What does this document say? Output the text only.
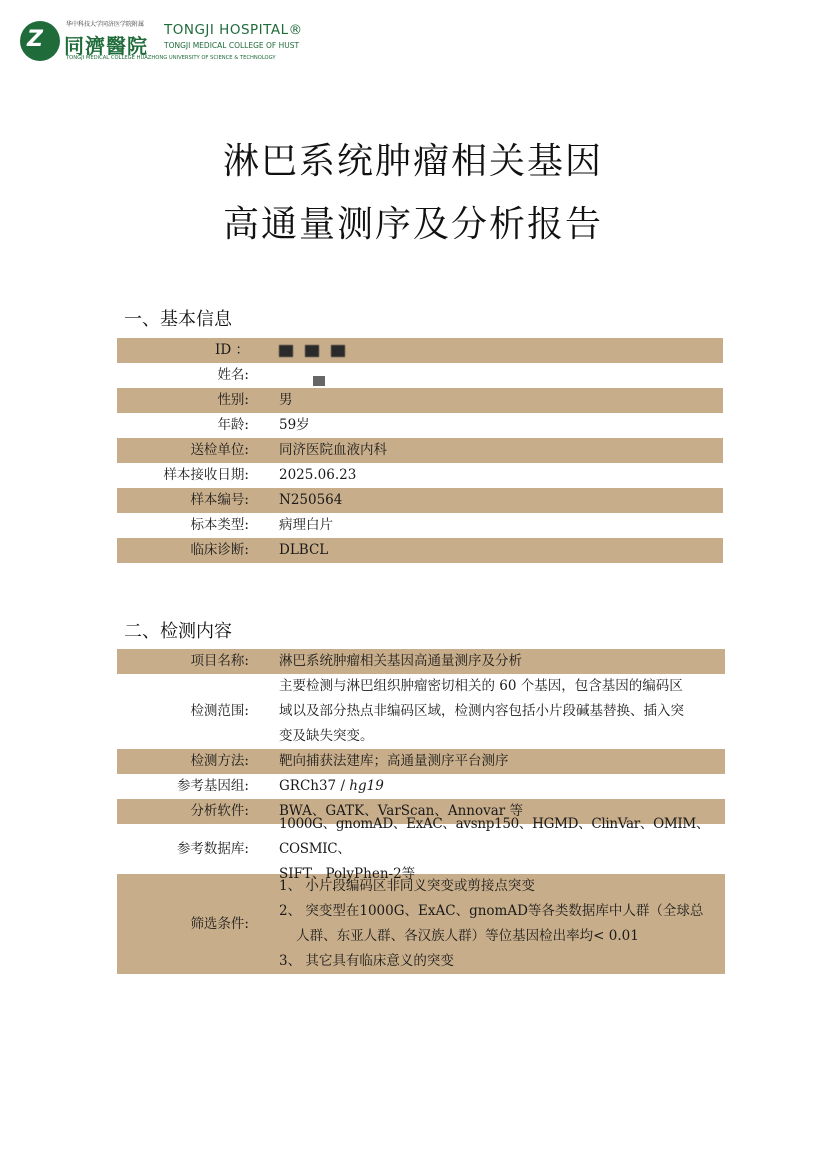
Z
华中科技大学同济医学院附属
同濟醫院
TONGJI HOSPITAL®
TONGJI MEDICAL COLLEGE OF HUST
TONGJI MEDICAL COLLEGE HUAZHONG UNIVERSITY OF SCIENCE & TECHNOLOGY
淋巴系统肿瘤相关基因
高通量测序及分析报告
一、基本信息
ID ：
姓名:
性别:	男
年龄:	59岁
送检单位:	同济医院血液内科
样本接收日期:	2025.06.23
样本编号:	N250564
标本类型:	病理白片
临床诊断:	DLBCL
二、检测内容
项目名称:	淋巴系统肿瘤相关基因高通量测序及分析
检测范围:
主要检测与淋巴组织肿瘤密切相关的 60 个基因，包含基因的编码区
域以及部分热点非编码区域，检测内容包括小片段碱基替换、插入突
变及缺失突变。
检测方法:	靶向捕获法建库；高通量测序平台测序
参考基因组:	GRCh37 / hg19
分析软件:	BWA、GATK、VarScan、Annovar 等
参考数据库:
1000G、gnomAD、ExAC、avsnp150、HGMD、ClinVar、OMIM、COSMIC、
SIFT、PolyPhen-2等
筛选条件:
1、 小片段编码区非同义突变或剪接点突变
2、 突变型在1000G、ExAC、gnomAD等各类数据库中人群（全球总
人群、东亚人群、各汉族人群）等位基因检出率均< 0.01
3、 其它具有临床意义的突变
